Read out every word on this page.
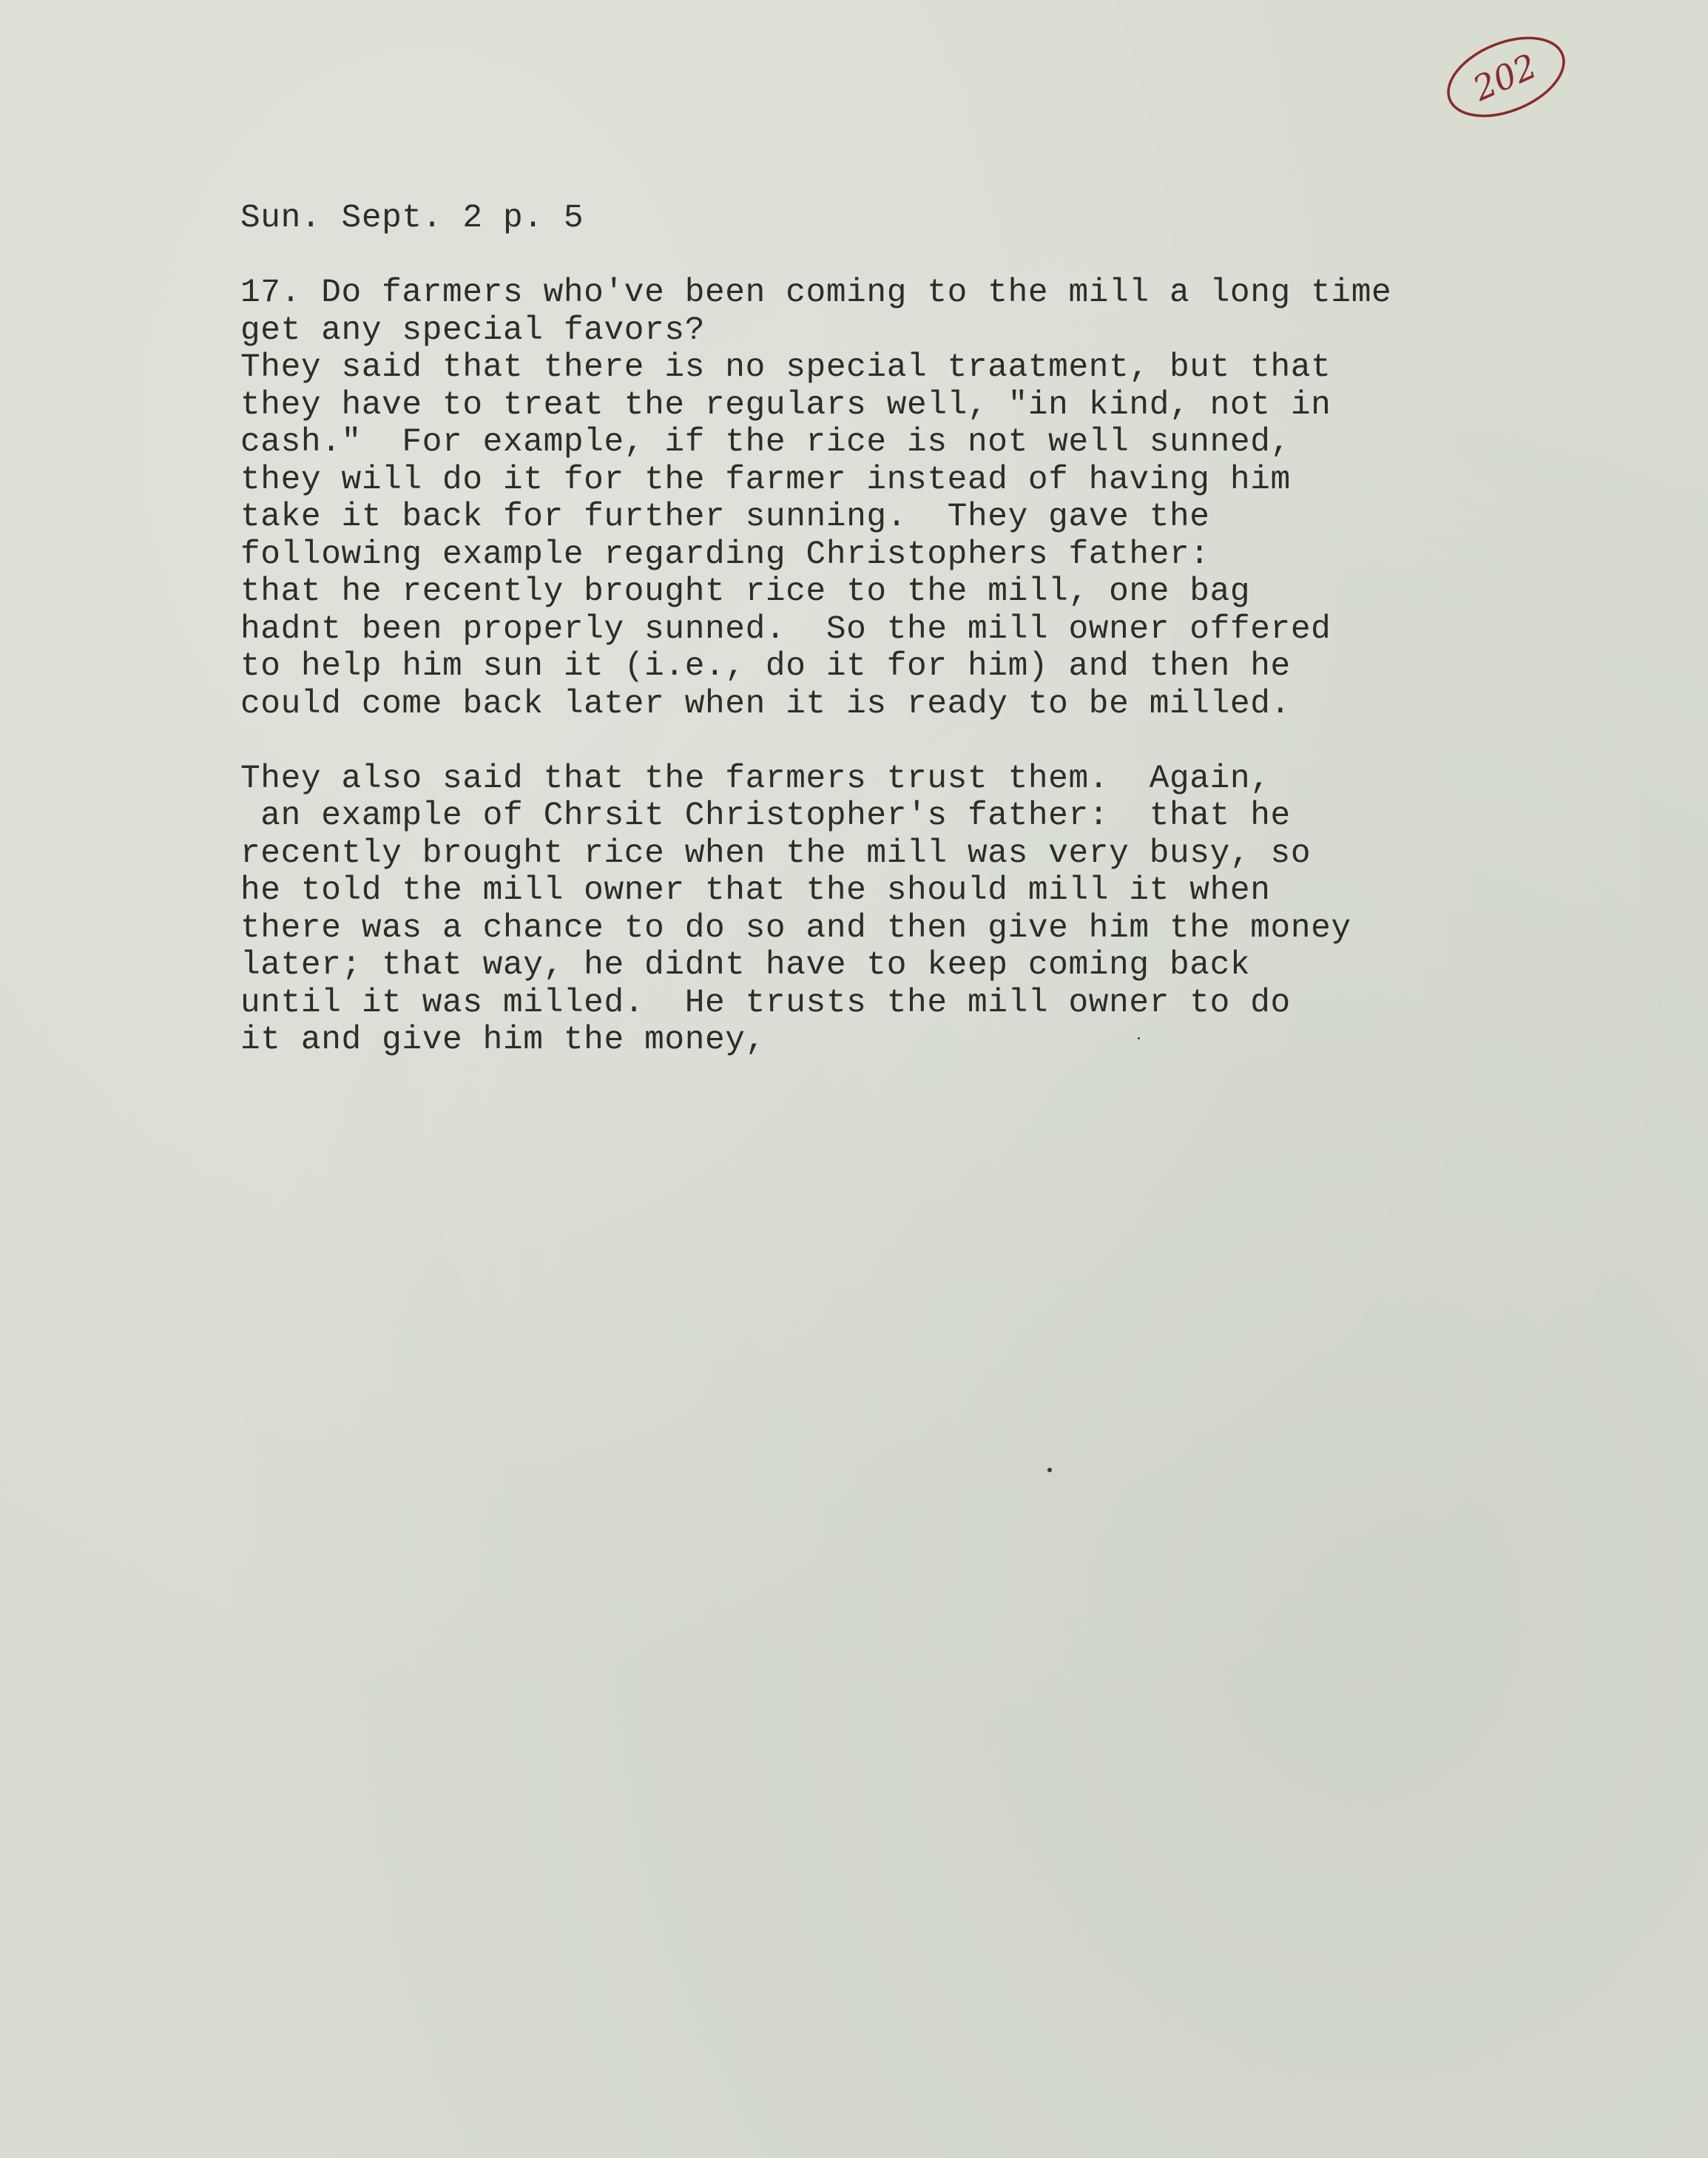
202
Sun. Sept. 2 p. 5
17. Do farmers who've been coming to the mill a long time
get any special favors?
They said that there is no special traatment, but that
they have to treat the regulars well, "in kind, not in
cash."  For example, if the rice is not well sunned,
they will do it for the farmer instead of having him
take it back for further sunning.  They gave the
following example regarding Christophers father:
that he recently brought rice to the mill, one bag
hadnt been properly sunned.  So the mill owner offered
to help him sun it (i.e., do it for him) and then he
could come back later when it is ready to be milled.
They also said that the farmers trust them.  Again,
an example of Chrsit Christopher's father:  that he
recently brought rice when the mill was very busy, so
he told the mill owner that the should mill it when
there was a chance to do so and then give him the money
later; that way, he didnt have to keep coming back
until it was milled.  He trusts the mill owner to do
it and give him the money,
